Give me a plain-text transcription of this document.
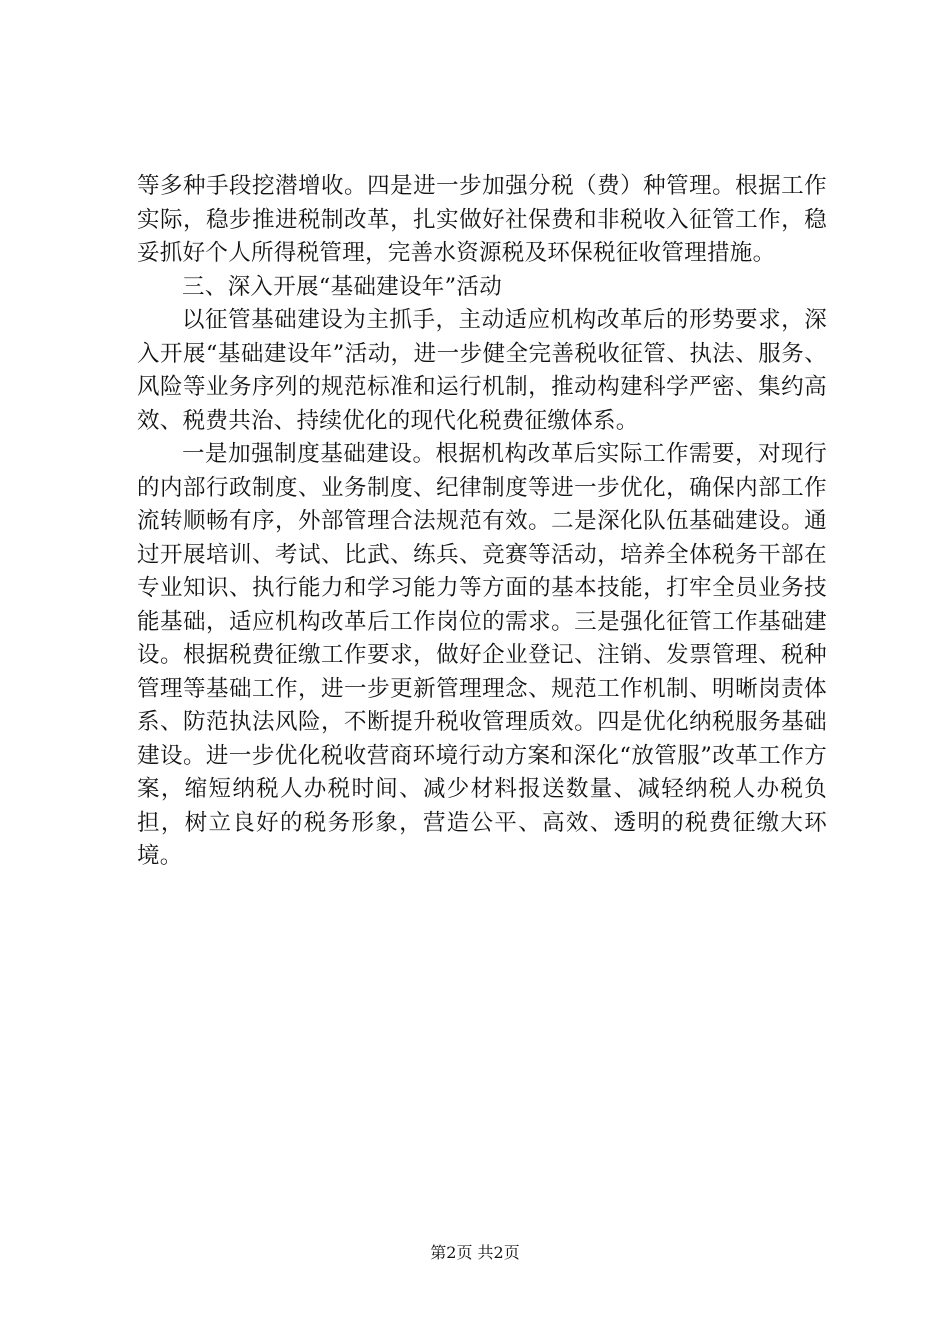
等多种手段挖潜增收。四是进一步加强分税（费）种管理。根据工作实际，稳步推进税制改革，扎实做好社保费和非税收入征管工作，稳妥抓好个人所得税管理，完善水资源税及环保税征收管理措施。

三、深入开展“基础建设年”活动

以征管基础建设为主抓手，主动适应机构改革后的形势要求，深入开展“基础建设年”活动，进一步健全完善税收征管、执法、服务、风险等业务序列的规范标准和运行机制，推动构建科学严密、集约高效、税费共治、持续优化的现代化税费征缴体系。

一是加强制度基础建设。根据机构改革后实际工作需要，对现行的内部行政制度、业务制度、纪律制度等进一步优化，确保内部工作流转顺畅有序，外部管理合法规范有效。二是深化队伍基础建设。通过开展培训、考试、比武、练兵、竞赛等活动，培养全体税务干部在专业知识、执行能力和学习能力等方面的基本技能，打牢全员业务技能基础，适应机构改革后工作岗位的需求。三是强化征管工作基础建设。根据税费征缴工作要求，做好企业登记、注销、发票管理、税种管理等基础工作，进一步更新管理理念、规范工作机制、明晰岗责体系、防范执法风险，不断提升税收管理质效。四是优化纳税服务基础建设。进一步优化税收营商环境行动方案和深化“放管服”改革工作方案，缩短纳税人办税时间、减少材料报送数量、减轻纳税人办税负担，树立良好的税务形象，营造公平、高效、透明的税费征缴大环境。

第2页 共2页
